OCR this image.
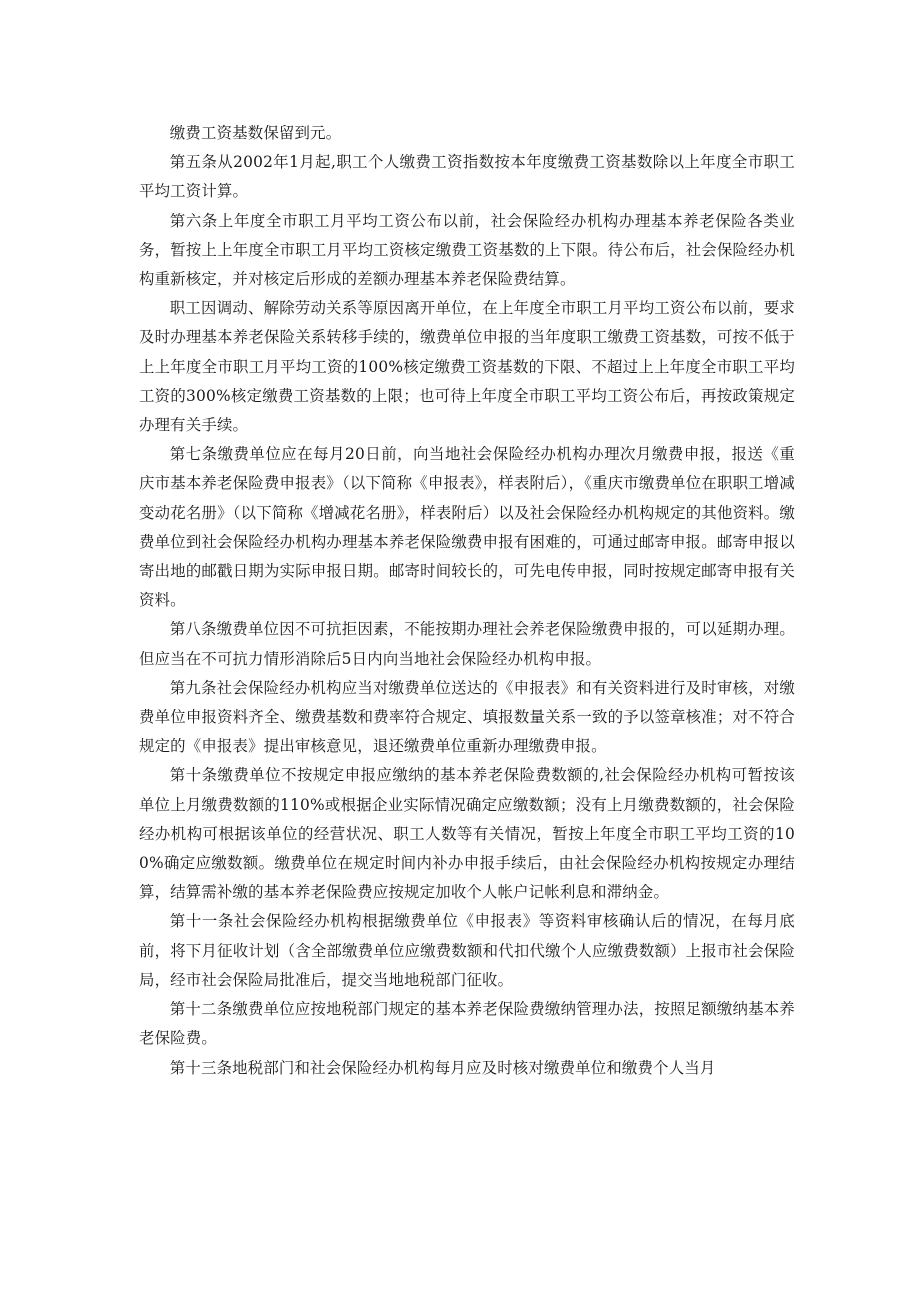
缴费工资基数保留到元。

第五条从2002年1月起,职工个人缴费工资指数按本年度缴费工资基数除以上年度全市职工平均工资计算。

第六条上年度全市职工月平均工资公布以前，社会保险经办机构办理基本养老保险各类业务，暂按上上年度全市职工月平均工资核定缴费工资基数的上下限。待公布后，社会保险经办机构重新核定，并对核定后形成的差额办理基本养老保险费结算。

职工因调动、解除劳动关系等原因离开单位，在上年度全市职工月平均工资公布以前，要求及时办理基本养老保险关系转移手续的，缴费单位申报的当年度职工缴费工资基数，可按不低于上上年度全市职工月平均工资的100%核定缴费工资基数的下限、不超过上上年度全市职工平均工资的300%核定缴费工资基数的上限；也可待上年度全市职工平均工资公布后，再按政策规定办理有关手续。

第七条缴费单位应在每月20日前，向当地社会保险经办机构办理次月缴费申报，报送《重庆市基本养老保险费申报表》（以下简称《申报表》，样表附后），《重庆市缴费单位在职职工增减变动花名册》（以下简称《增减花名册》，样表附后）以及社会保险经办机构规定的其他资料。缴费单位到社会保险经办机构办理基本养老保险缴费申报有困难的，可通过邮寄申报。邮寄申报以寄出地的邮戳日期为实际申报日期。邮寄时间较长的，可先电传申报，同时按规定邮寄申报有关资料。

第八条缴费单位因不可抗拒因素，不能按期办理社会养老保险缴费申报的，可以延期办理。但应当在不可抗力情形消除后5日内向当地社会保险经办机构申报。

第九条社会保险经办机构应当对缴费单位送达的《申报表》和有关资料进行及时审核，对缴费单位申报资料齐全、缴费基数和费率符合规定、填报数量关系一致的予以签章核准；对不符合规定的《申报表》提出审核意见，退还缴费单位重新办理缴费申报。

第十条缴费单位不按规定申报应缴纳的基本养老保险费数额的,社会保险经办机构可暂按该单位上月缴费数额的110%或根据企业实际情况确定应缴数额；没有上月缴费数额的，社会保险经办机构可根据该单位的经营状况、职工人数等有关情况，暂按上年度全市职工平均工资的100%确定应缴数额。缴费单位在规定时间内补办申报手续后，由社会保险经办机构按规定办理结算，结算需补缴的基本养老保险费应按规定加收个人帐户记帐利息和滞纳金。

第十一条社会保险经办机构根据缴费单位《申报表》等资料审核确认后的情况，在每月底前，将下月征收计划（含全部缴费单位应缴费数额和代扣代缴个人应缴费数额）上报市社会保险局，经市社会保险局批准后，提交当地地税部门征收。

第十二条缴费单位应按地税部门规定的基本养老保险费缴纳管理办法，按照足额缴纳基本养老保险费。

第十三条地税部门和社会保险经办机构每月应及时核对缴费单位和缴费个人当月
